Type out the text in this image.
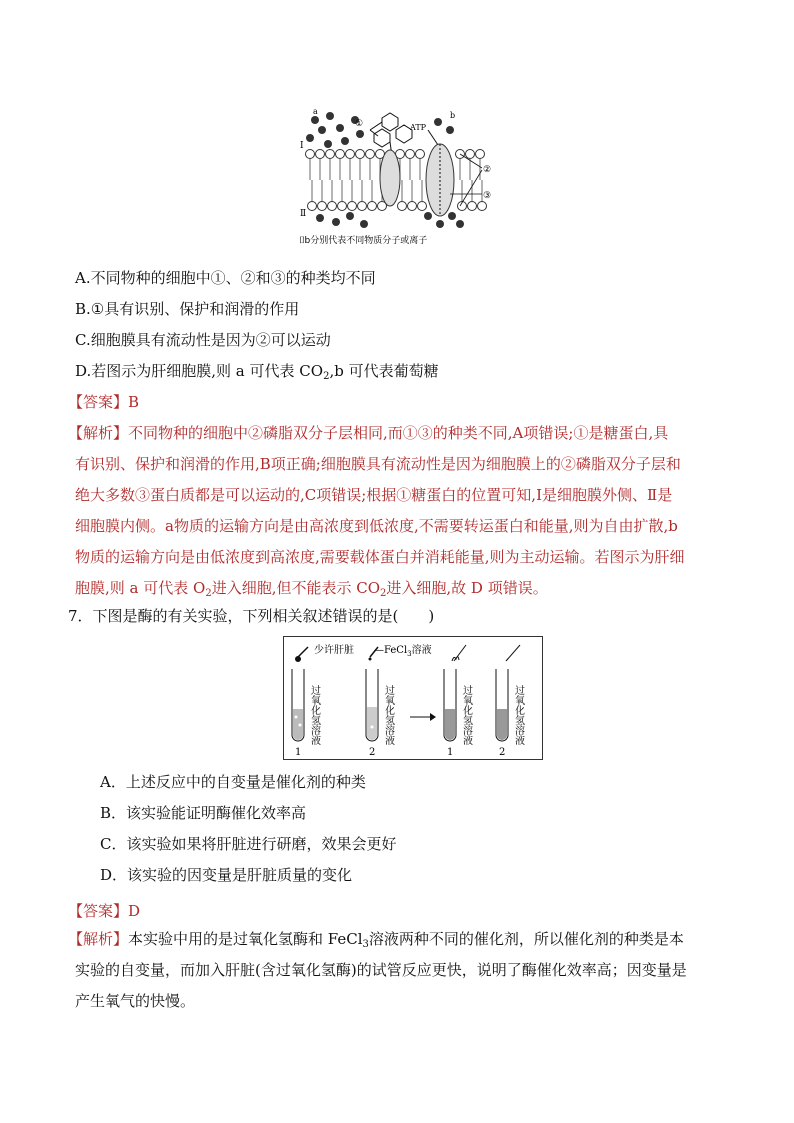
a
①	ATP
b
②
③
Ⅰ
Ⅱ
a和b分别代表不同物质分子或离子
A.不同物种的细胞中①、②和③的种类均不同
B.①具有识别、保护和润滑的作用
C.细胞膜具有流动性是因为②可以运动
D.若图示为肝细胞膜,则 a 可代表 $CO_2,b$ 可代表葡萄糖
【答案】B
【解析】不同物种的细胞中②磷脂双分子层相同,而①③的种类不同,A项错误;①是糖蛋白,具
有识别、保护和润滑的作用,B项正确;细胞膜具有流动性是因为细胞膜上的②磷脂双分子层和
绝大多数③蛋白质都是可以运动的,C项错误;根据①糖蛋白的位置可知,Ⅰ是细胞膜外侧、Ⅱ是
细胞膜内侧。a物质的运输方向是由高浓度到低浓度,不需要转运蛋白和能量,则为自由扩散,b
物质的运输方向是由低浓度到高浓度,需要载体蛋白并消耗能量,则为主动运输。若图示为肝细
胞膜,则 a 可代表 $O_2$进入细胞,但不能表示 $CO_2$进入细胞,故 D 项错误。
7．下图是酶的有关实验，下列相关叙述错误的是(　　)
少许肝脏 —FeCl$_3$溶液
过氧化氢溶液	过氧化氢溶液	过氧化氢溶液	过氧化氢溶液
1	2	1	2
A．上述反应中的自变量是催化剂的种类
B．该实验能证明酶催化效率高
C．该实验如果将肝脏进行研磨，效果会更好
D．该实验的因变量是肝脏质量的变化
【答案】D
【解析】本实验中用的是过氧化氢酶和 FeCl$_3$溶液两种不同的催化剂，所以催化剂的种类是本
实验的自变量，而加入肝脏(含过氧化氢酶)的试管反应更快，说明了酶催化效率高；因变量是
产生氧气的快慢。
